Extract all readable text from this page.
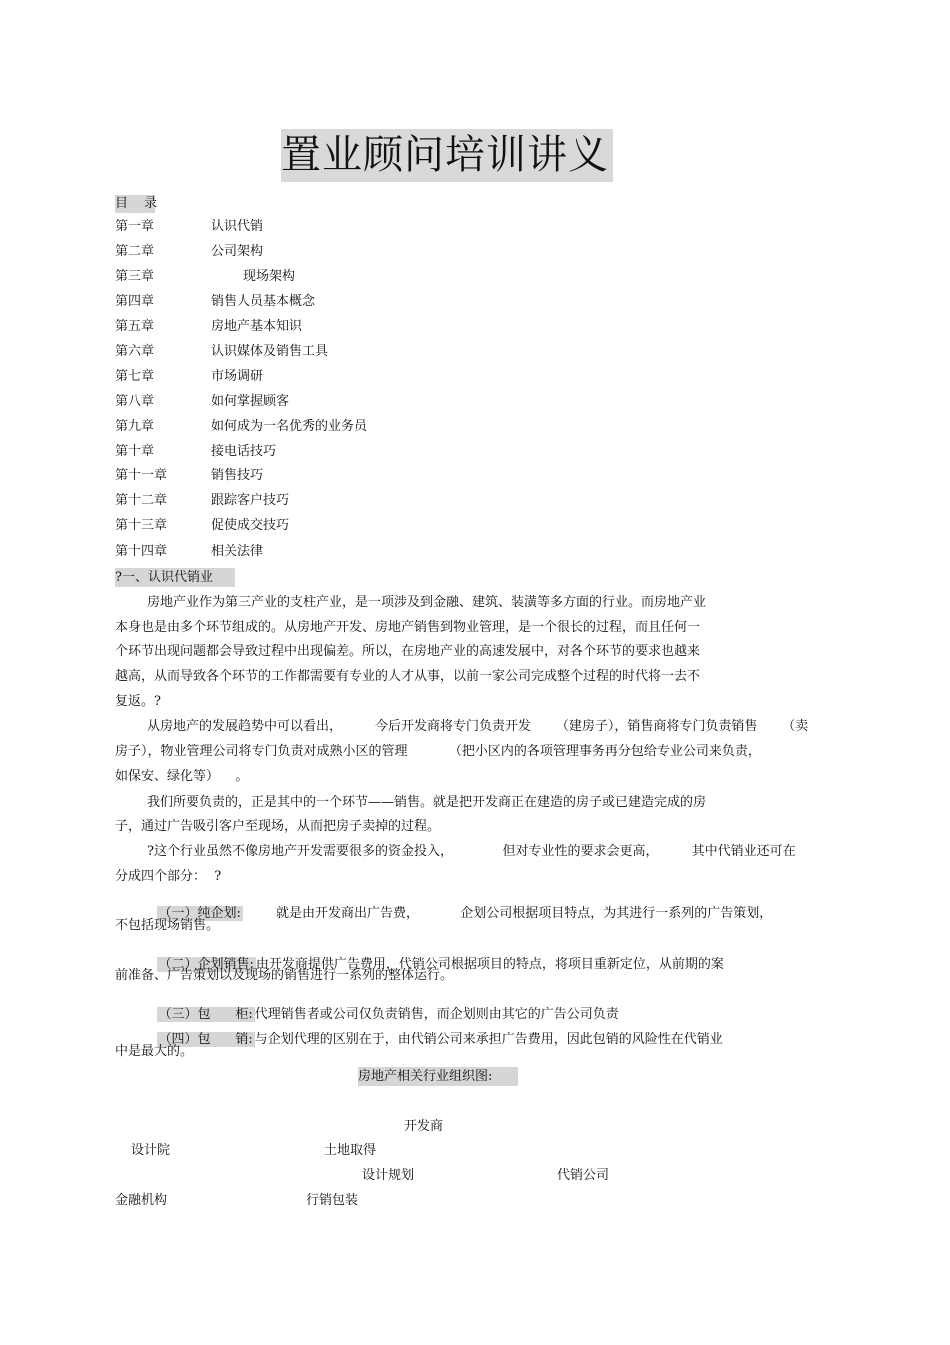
置业顾问培训讲义
目 录
第一章	认识代销
第二章	公司架构
第三章	现场架构
第四章	销售人员基本概念
第五章	房地产基本知识
第六章	认识媒体及销售工具
第七章	市场调研
第八章	如何掌握顾客
第九章	如何成为一名优秀的业务员
第十章	接电话技巧
第十一章	销售技巧
第十二章	跟踪客户技巧
第十三章	促使成交技巧
第十四章	相关法律
?一、认识代销业
房地产业作为第三产业的支柱产业，是一项涉及到金融、建筑、装潢等多方面的行业。而房地产业
本身也是由多个环节组成的。从房地产开发、房地产销售到物业管理，是一个很长的过程，而且任何一
个环节出现问题都会导致过程中出现偏差。所以，在房地产业的高速发展中，对各个环节的要求也越来
越高，从而导致各个环节的工作都需要有专业的人才从事，以前一家公司完成整个过程的时代将一去不
复返。?
从房地产的发展趋势中可以看出，        今后开发商将专门负责开发      （建房子），销售商将专门负责销售      （卖
房子），物业管理公司将专门负责对成熟小区的管理          （把小区内的各项管理事务再分包给专业公司来负责，
如保安、绿化等）    。
我们所要负责的，正是其中的一个环节——销售。就是把开发商正在建造的房子或已建造完成的房
子，通过广告吸引客户至现场，从而把房子卖掉的过程。
?这个行业虽然不像房地产开发需要很多的资金投入，            但对专业性的要求会更高，        其中代销业还可在
分成四个部分：  ?

（一）纯企划:        就是由开发商出广告费，          企划公司根据项目特点，为其进行一系列的广告策划，

不包括现场销售。

（二）企划销售: 由开发商提供广告费用，代销公司根据项目的特点，将项目重新定位，从前期的案

前准备、广告策划以及现场的销售进行一系列的整体运行。

（三）包      柜: 代理销售者或公司仅负责销售，而企划则由其它的广告公司负责

（四）包      销: 与企划代理的区别在于，由代销公司来承担广告费用，因此包销的风险性在代销业

中是最大的。
房地产相关行业组织图:
开发商
设计院	土地取得
设计规划	代销公司
金融机构	行销包装
